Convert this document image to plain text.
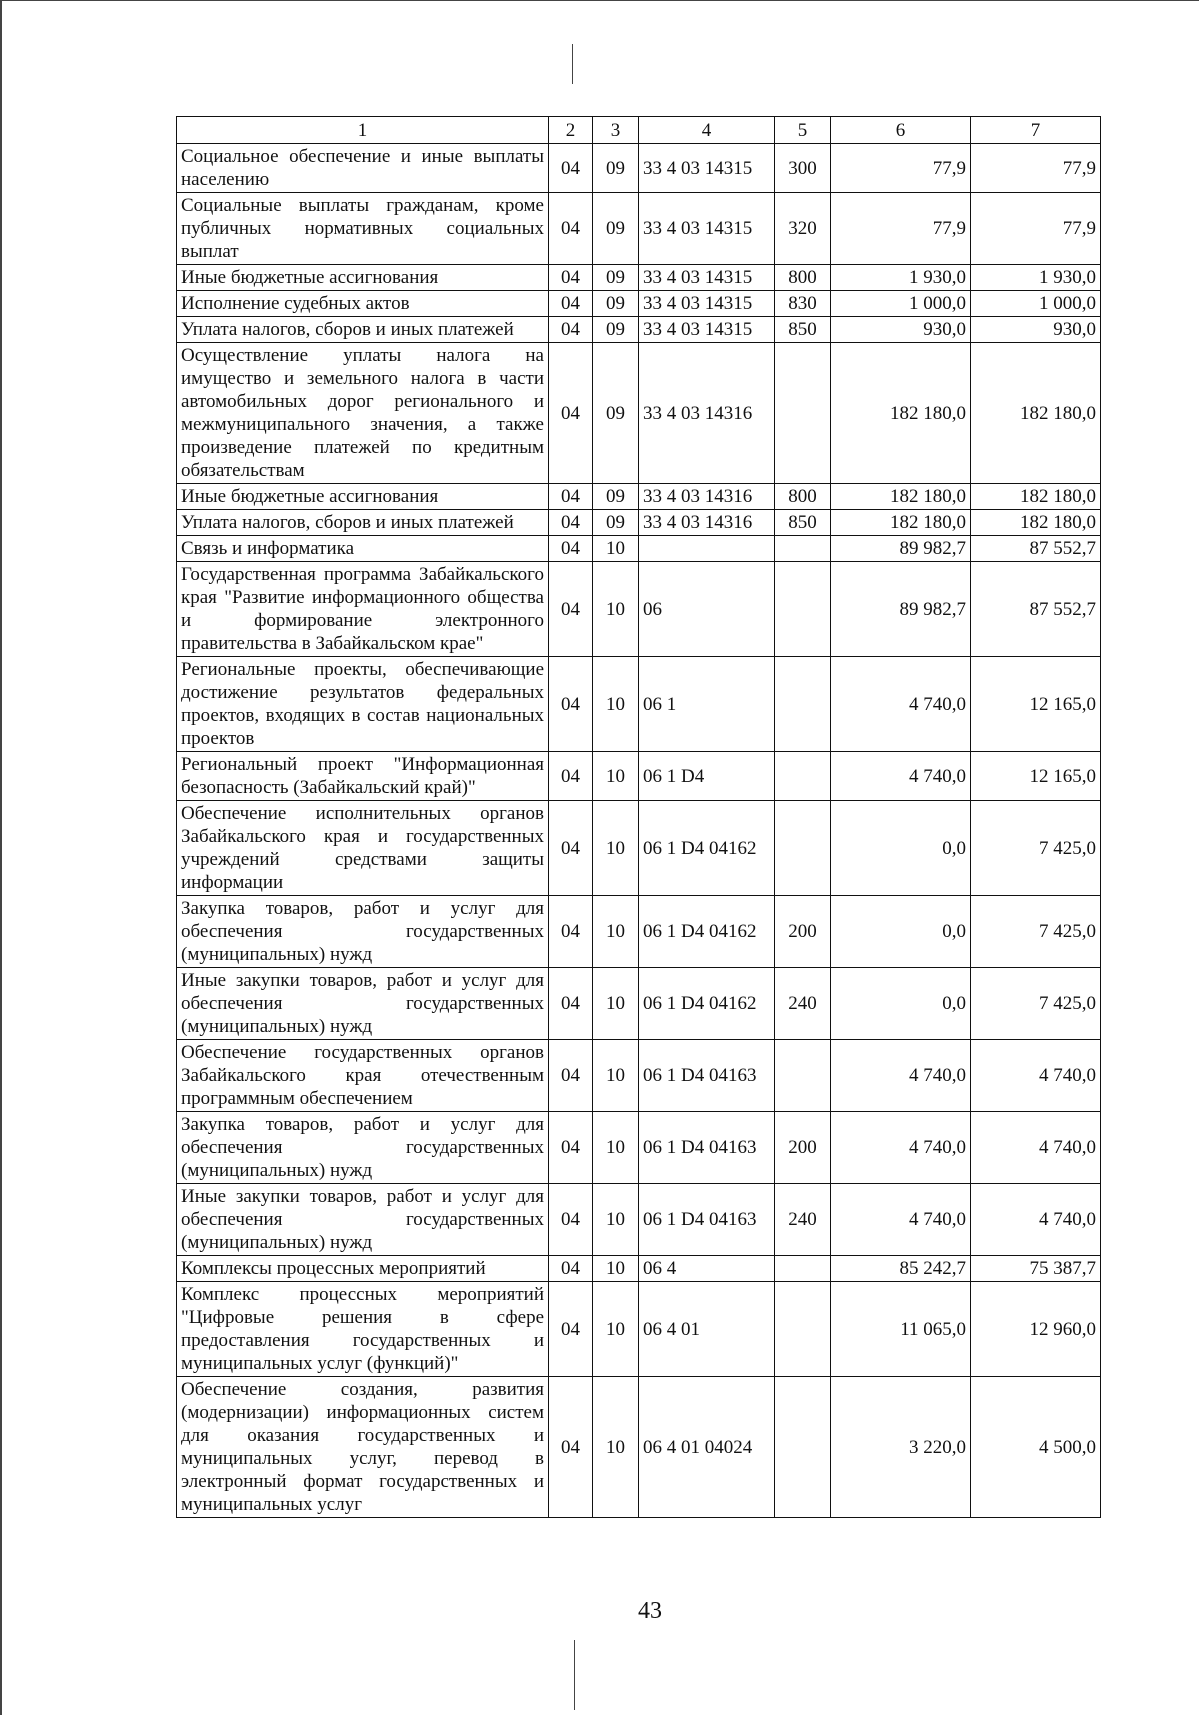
1	2	3	4	5	6	7
Социальное обеспечение и иные выплаты населению	04	09	33 4 03 14315	300	77,9	77,9
Социальные выплаты гражданам, кроме публичных нормативных социальных выплат	04	09	33 4 03 14315	320	77,9	77,9
Иные бюджетные ассигнования	04	09	33 4 03 14315	800	1 930,0	1 930,0
Исполнение судебных актов	04	09	33 4 03 14315	830	1 000,0	1 000,0
Уплата налогов, сборов и иных платежей	04	09	33 4 03 14315	850	930,0	930,0
Осуществление уплаты налога на имущество и земельного налога в части автомобильных дорог регионального и межмуниципального значения, а также произведение платежей по кредитным обязательствам	04	09	33 4 03 14316		182 180,0	182 180,0
Иные бюджетные ассигнования	04	09	33 4 03 14316	800	182 180,0	182 180,0
Уплата налогов, сборов и иных платежей	04	09	33 4 03 14316	850	182 180,0	182 180,0
Связь и информатика	04	10			89 982,7	87 552,7
Государственная программа Забайкальского края "Развитие информационного общества и формирование электронного правительства в Забайкальском крае"	04	10	06		89 982,7	87 552,7
Региональные проекты, обеспечивающие достижение результатов федеральных проектов, входящих в состав национальных проектов	04	10	06 1		4 740,0	12 165,0
Региональный проект "Информационная безопасность (Забайкальский край)"	04	10	06 1 D4		4 740,0	12 165,0
Обеспечение исполнительных органов Забайкальского края и государственных учреждений средствами защиты информации	04	10	06 1 D4 04162		0,0	7 425,0
Закупка товаров, работ и услуг для обеспечения государственных (муниципальных) нужд	04	10	06 1 D4 04162	200	0,0	7 425,0
Иные закупки товаров, работ и услуг для обеспечения государственных (муниципальных) нужд	04	10	06 1 D4 04162	240	0,0	7 425,0
Обеспечение государственных органов Забайкальского края отечественным программным обеспечением	04	10	06 1 D4 04163		4 740,0	4 740,0
Закупка товаров, работ и услуг для обеспечения государственных (муниципальных) нужд	04	10	06 1 D4 04163	200	4 740,0	4 740,0
Иные закупки товаров, работ и услуг для обеспечения государственных (муниципальных) нужд	04	10	06 1 D4 04163	240	4 740,0	4 740,0
Комплексы процессных мероприятий	04	10	06 4		85 242,7	75 387,7
Комплекс процессных мероприятий "Цифровые решения в сфере предоставления государственных и муниципальных услуг (функций)"	04	10	06 4 01		11 065,0	12 960,0
Обеспечение создания, развития (модернизации) информационных систем для оказания государственных и муниципальных услуг, перевод в электронный формат государственных и муниципальных услуг	04	10	06 4 01 04024		3 220,0	4 500,0
43
